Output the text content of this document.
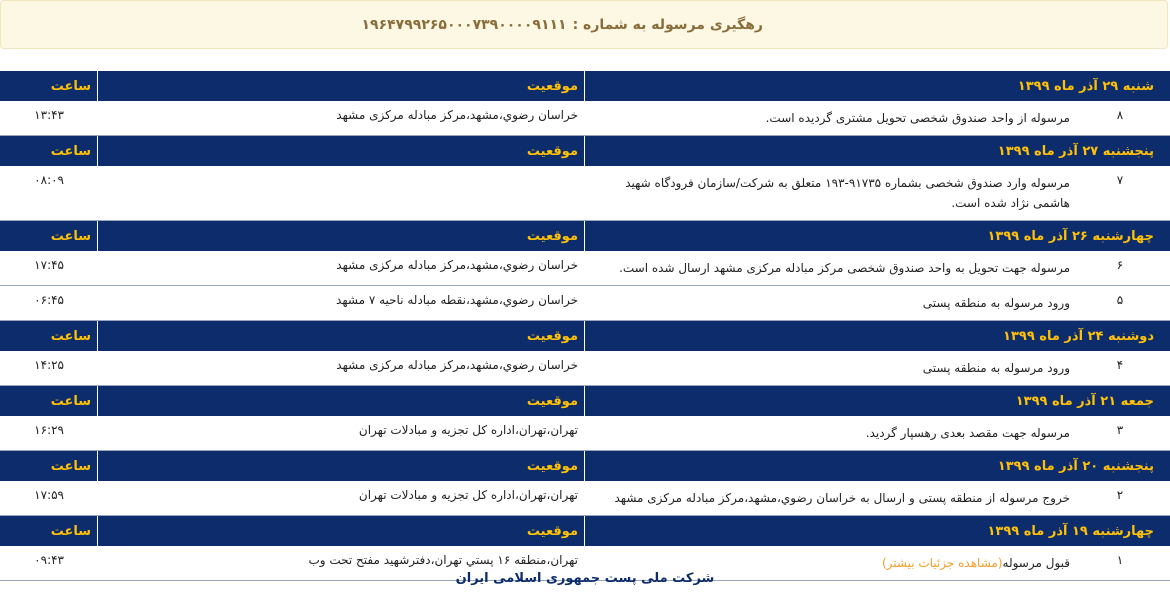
رهگیری مرسوله به شماره :۱۹۶۴۷۹۹۲۶۵۰۰۰۷۳۹۰۰۰۰۹۱۱۱
شنبه ۲۹ آذر ماه ۱۳۹۹
موقعیت
ساعت
۸
مرسوله از واحد صندوق شخصی تحویل مشتری گردیده است.
خراسان رضوي،مشهد،مرکز مبادله مرکزی مشهد
۱۳:۴۳
پنجشنبه ۲۷ آذر ماه ۱۳۹۹
موقعیت
ساعت
۷
مرسوله وارد صندوق شخصی بشماره ۹۱۷۳۵-۱۹۳ متعلق به شرکت/سازمان فرودگاه شهید هاشمی نژاد شده است.
۰۸:۰۹
چهارشنبه ۲۶ آذر ماه ۱۳۹۹
موقعیت
ساعت
۶
مرسوله جهت تحویل به واحد صندوق شخصی مرکز مبادله مرکزی مشهد ارسال شده است.
خراسان رضوي،مشهد،مرکز مبادله مرکزی مشهد
۱۷:۴۵
۵
ورود مرسوله به منطقه پستی
خراسان رضوي،مشهد،نقطه مبادله ناحیه ۷ مشهد
۰۶:۴۵
دوشنبه ۲۴ آذر ماه ۱۳۹۹
موقعیت
ساعت
۴
ورود مرسوله به منطقه پستی
خراسان رضوي،مشهد،مرکز مبادله مرکزی مشهد
۱۴:۲۵
جمعه ۲۱ آذر ماه ۱۳۹۹
موقعیت
ساعت
۳
مرسوله جهت مقصد بعدی رهسپار گردید.
تهران،تهران،اداره کل تجزیه و مبادلات تهران
۱۶:۲۹
پنجشنبه ۲۰ آذر ماه ۱۳۹۹
موقعیت
ساعت
۲
خروج مرسوله از منطقه پستی و ارسال به خراسان رضوي،مشهد،مرکز مبادله مرکزی مشهد
تهران،تهران،اداره کل تجزیه و مبادلات تهران
۱۷:۵۹
چهارشنبه ۱۹ آذر ماه ۱۳۹۹
موقعیت
ساعت
۱
قبول مرسوله(مشاهده جزئیات بیشتر)
تهران،منطقه ۱۶ پستي تهران،دفترشهید مفتح تحت وب
۰۹:۴۳
شرکت ملی پست جمهوری اسلامی ایران
